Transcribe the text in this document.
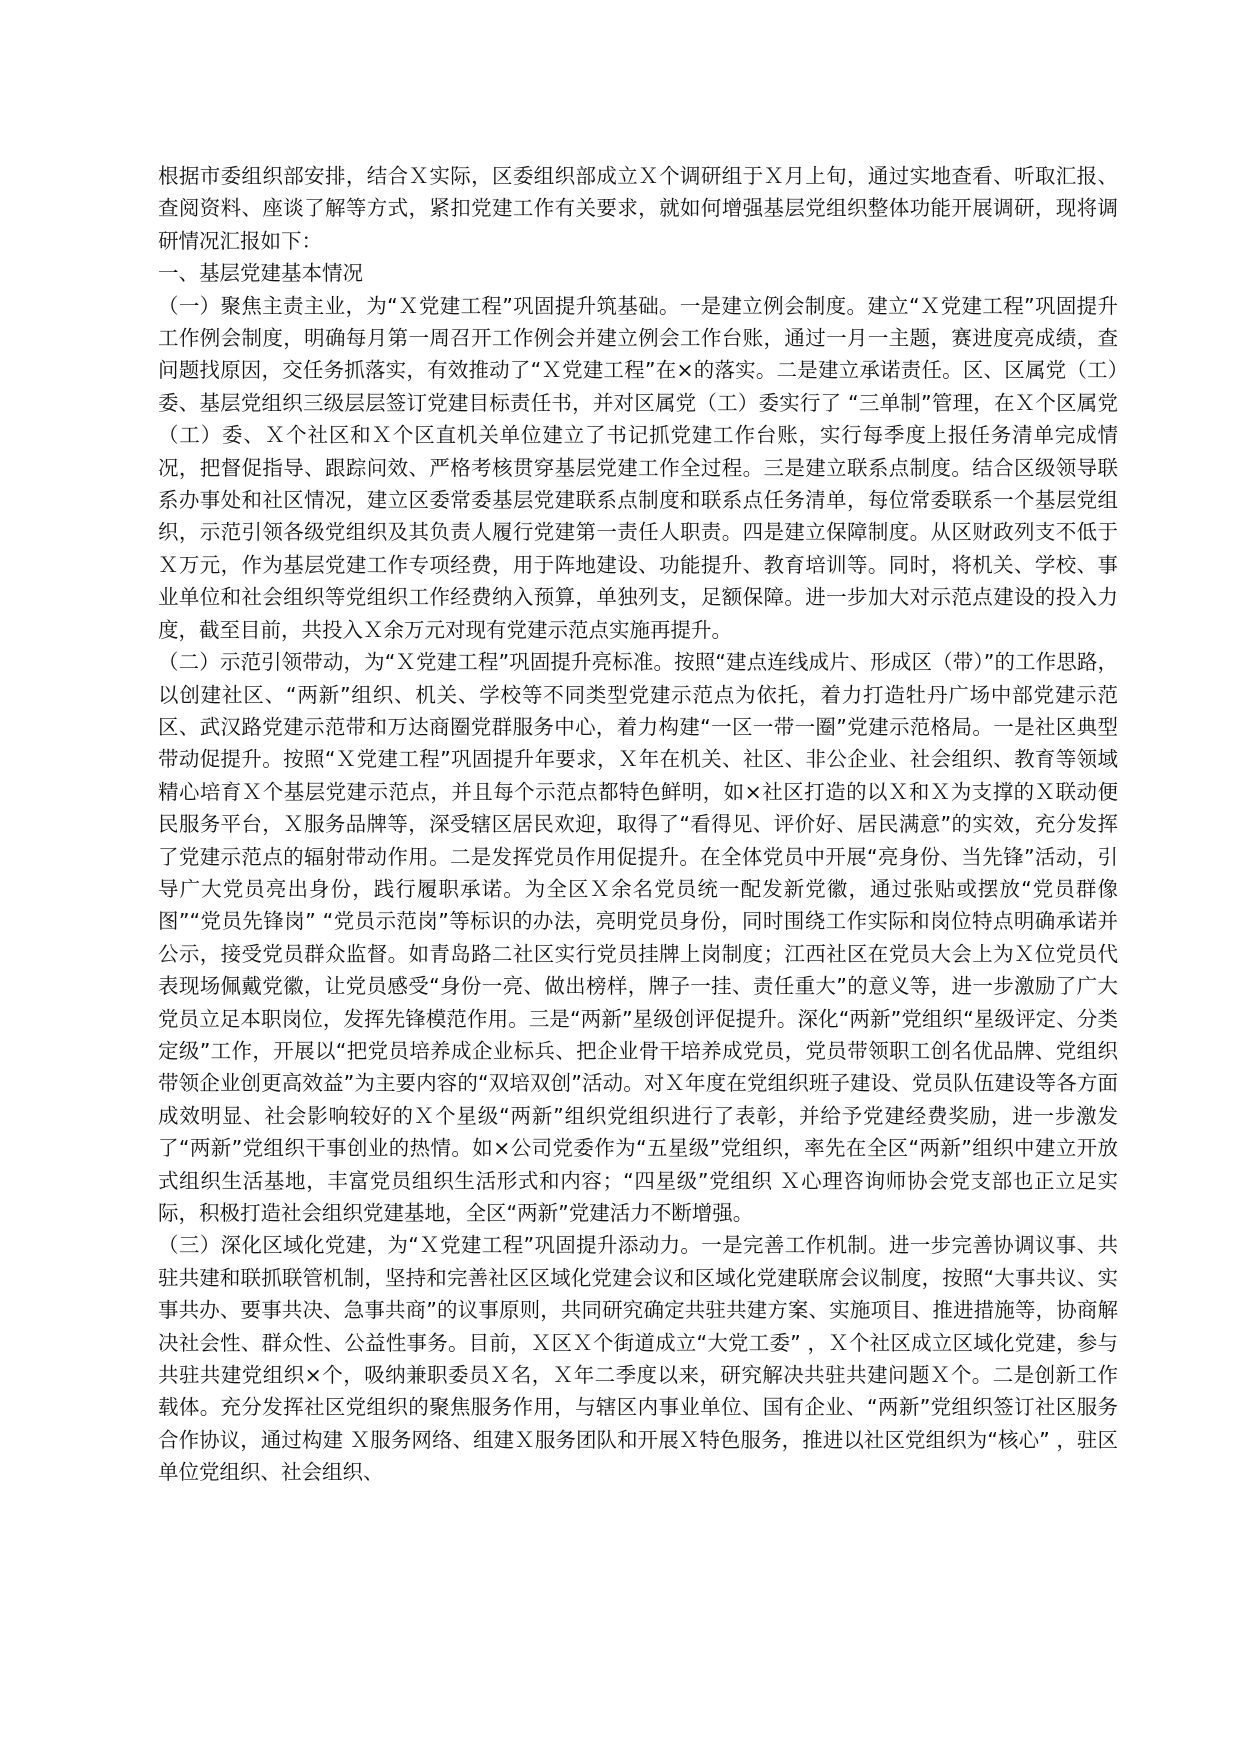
根据市委组织部安排，结合Ｘ实际，区委组织部成立Ｘ个调研组于Ｘ月上旬，通过实地查看、听取汇报、查阅资料、座谈了解等方式，紧扣党建工作有关要求，就如何增强基层党组织整体功能开展调研，现将调研情况汇报如下：

一、基层党建基本情况

（一）聚焦主责主业，为“Ｘ党建工程”巩固提升筑基础。一是建立例会制度。建立“Ｘ党建工程”巩固提升工作例会制度，明确每月第一周召开工作例会并建立例会工作台账，通过一月一主题，赛进度亮成绩，查问题找原因，交任务抓落实，有效推动了“Ｘ党建工程”在×的落实。二是建立承诺责任。区、区属党（工）委、基层党组织三级层层签订党建目标责任书，并对区属党（工）委实行了 “三单制”管理，在Ｘ个区属党（工）委、Ｘ个社区和Ｘ个区直机关单位建立了书记抓党建工作台账，实行每季度上报任务清单完成情况，把督促指导、跟踪问效、严格考核贯穿基层党建工作全过程。三是建立联系点制度。结合区级领导联系办事处和社区情况，建立区委常委基层党建联系点制度和联系点任务清单，每位常委联系一个基层党组织，示范引领各级党组织及其负责人履行党建第一责任人职责。四是建立保障制度。从区财政列支不低于 Ｘ万元，作为基层党建工作专项经费，用于阵地建设、功能提升、教育培训等。同时，将机关、学校、事业单位和社会组织等党组织工作经费纳入预算，单独列支，足额保障。进一步加大对示范点建设的投入力度，截至目前，共投入Ｘ余万元对现有党建示范点实施再提升。

（二）示范引领带动，为“Ｘ党建工程”巩固提升亮标准。按照“建点连线成片、形成区（带）”的工作思路，以创建社区、“两新”组织、机关、学校等不同类型党建示范点为依托，着力打造牡丹广场中部党建示范区、武汉路党建示范带和万达商圈党群服务中心，着力构建“一区一带一圈”党建示范格局。一是社区典型带动促提升。按照“Ｘ党建工程”巩固提升年要求，Ｘ年在机关、社区、非公企业、社会组织、教育等领域精心培育Ｘ个基层党建示范点，并且每个示范点都特色鲜明，如×社区打造的以Ｘ和Ｘ为支撑的Ｘ联动便民服务平台，Ｘ服务品牌等，深受辖区居民欢迎，取得了“看得见、评价好、居民满意”的实效，充分发挥了党建示范点的辐射带动作用。二是发挥党员作用促提升。在全体党员中开展“亮身份、当先锋”活动，引导广大党员亮出身份，践行履职承诺。为全区Ｘ余名党员统一配发新党徽，通过张贴或摆放“党员群像图”“党员先锋岗” “党员示范岗”等标识的办法，亮明党员身份，同时围绕工作实际和岗位特点明确承诺并公示，接受党员群众监督。如青岛路二社区实行党员挂牌上岗制度；江西社区在党员大会上为Ｘ位党员代表现场佩戴党徽，让党员感受“身份一亮、做出榜样，牌子一挂、责任重大”的意义等，进一步激励了广大党员立足本职岗位，发挥先锋模范作用。三是“两新”星级创评促提升。深化“两新”党组织“星级评定、分类定级”工作，开展以“把党员培养成企业标兵、把企业骨干培养成党员，党员带领职工创名优品牌、党组织带领企业创更高效益”为主要内容的“双培双创”活动。对Ｘ年度在党组织班子建设、党员队伍建设等各方面成效明显、社会影响较好的Ｘ个星级“两新”组织党组织进行了表彰，并给予党建经费奖励，进一步激发了“两新”党组织干事创业的热情。如×公司党委作为“五星级”党组织，率先在全区“两新”组织中建立开放式组织生活基地，丰富党员组织生活形式和内容；“四星级”党组织 Ｘ心理咨询师协会党支部也正立足实际，积极打造社会组织党建基地，全区“两新”党建活力不断增强。

（三）深化区域化党建，为“Ｘ党建工程”巩固提升添动力。一是完善工作机制。进一步完善协调议事、共驻共建和联抓联管机制，坚持和完善社区区域化党建会议和区域化党建联席会议制度，按照“大事共议、实事共办、要事共决、急事共商”的议事原则，共同研究确定共驻共建方案、实施项目、推进措施等，协商解决社会性、群众性、公益性事务。目前，Ｘ区Ｘ个街道成立“大党工委” ，Ｘ个社区成立区域化党建，参与共驻共建党组织×个，吸纳兼职委员Ｘ名，Ｘ年二季度以来，研究解决共驻共建问题Ｘ个。二是创新工作载体。充分发挥社区党组织的聚焦服务作用，与辖区内事业单位、国有企业、“两新”党组织签订社区服务合作协议，通过构建 Ｘ服务网络、组建Ｘ服务团队和开展Ｘ特色服务，推进以社区党组织为“核心” ，驻区单位党组织、社会组织、
